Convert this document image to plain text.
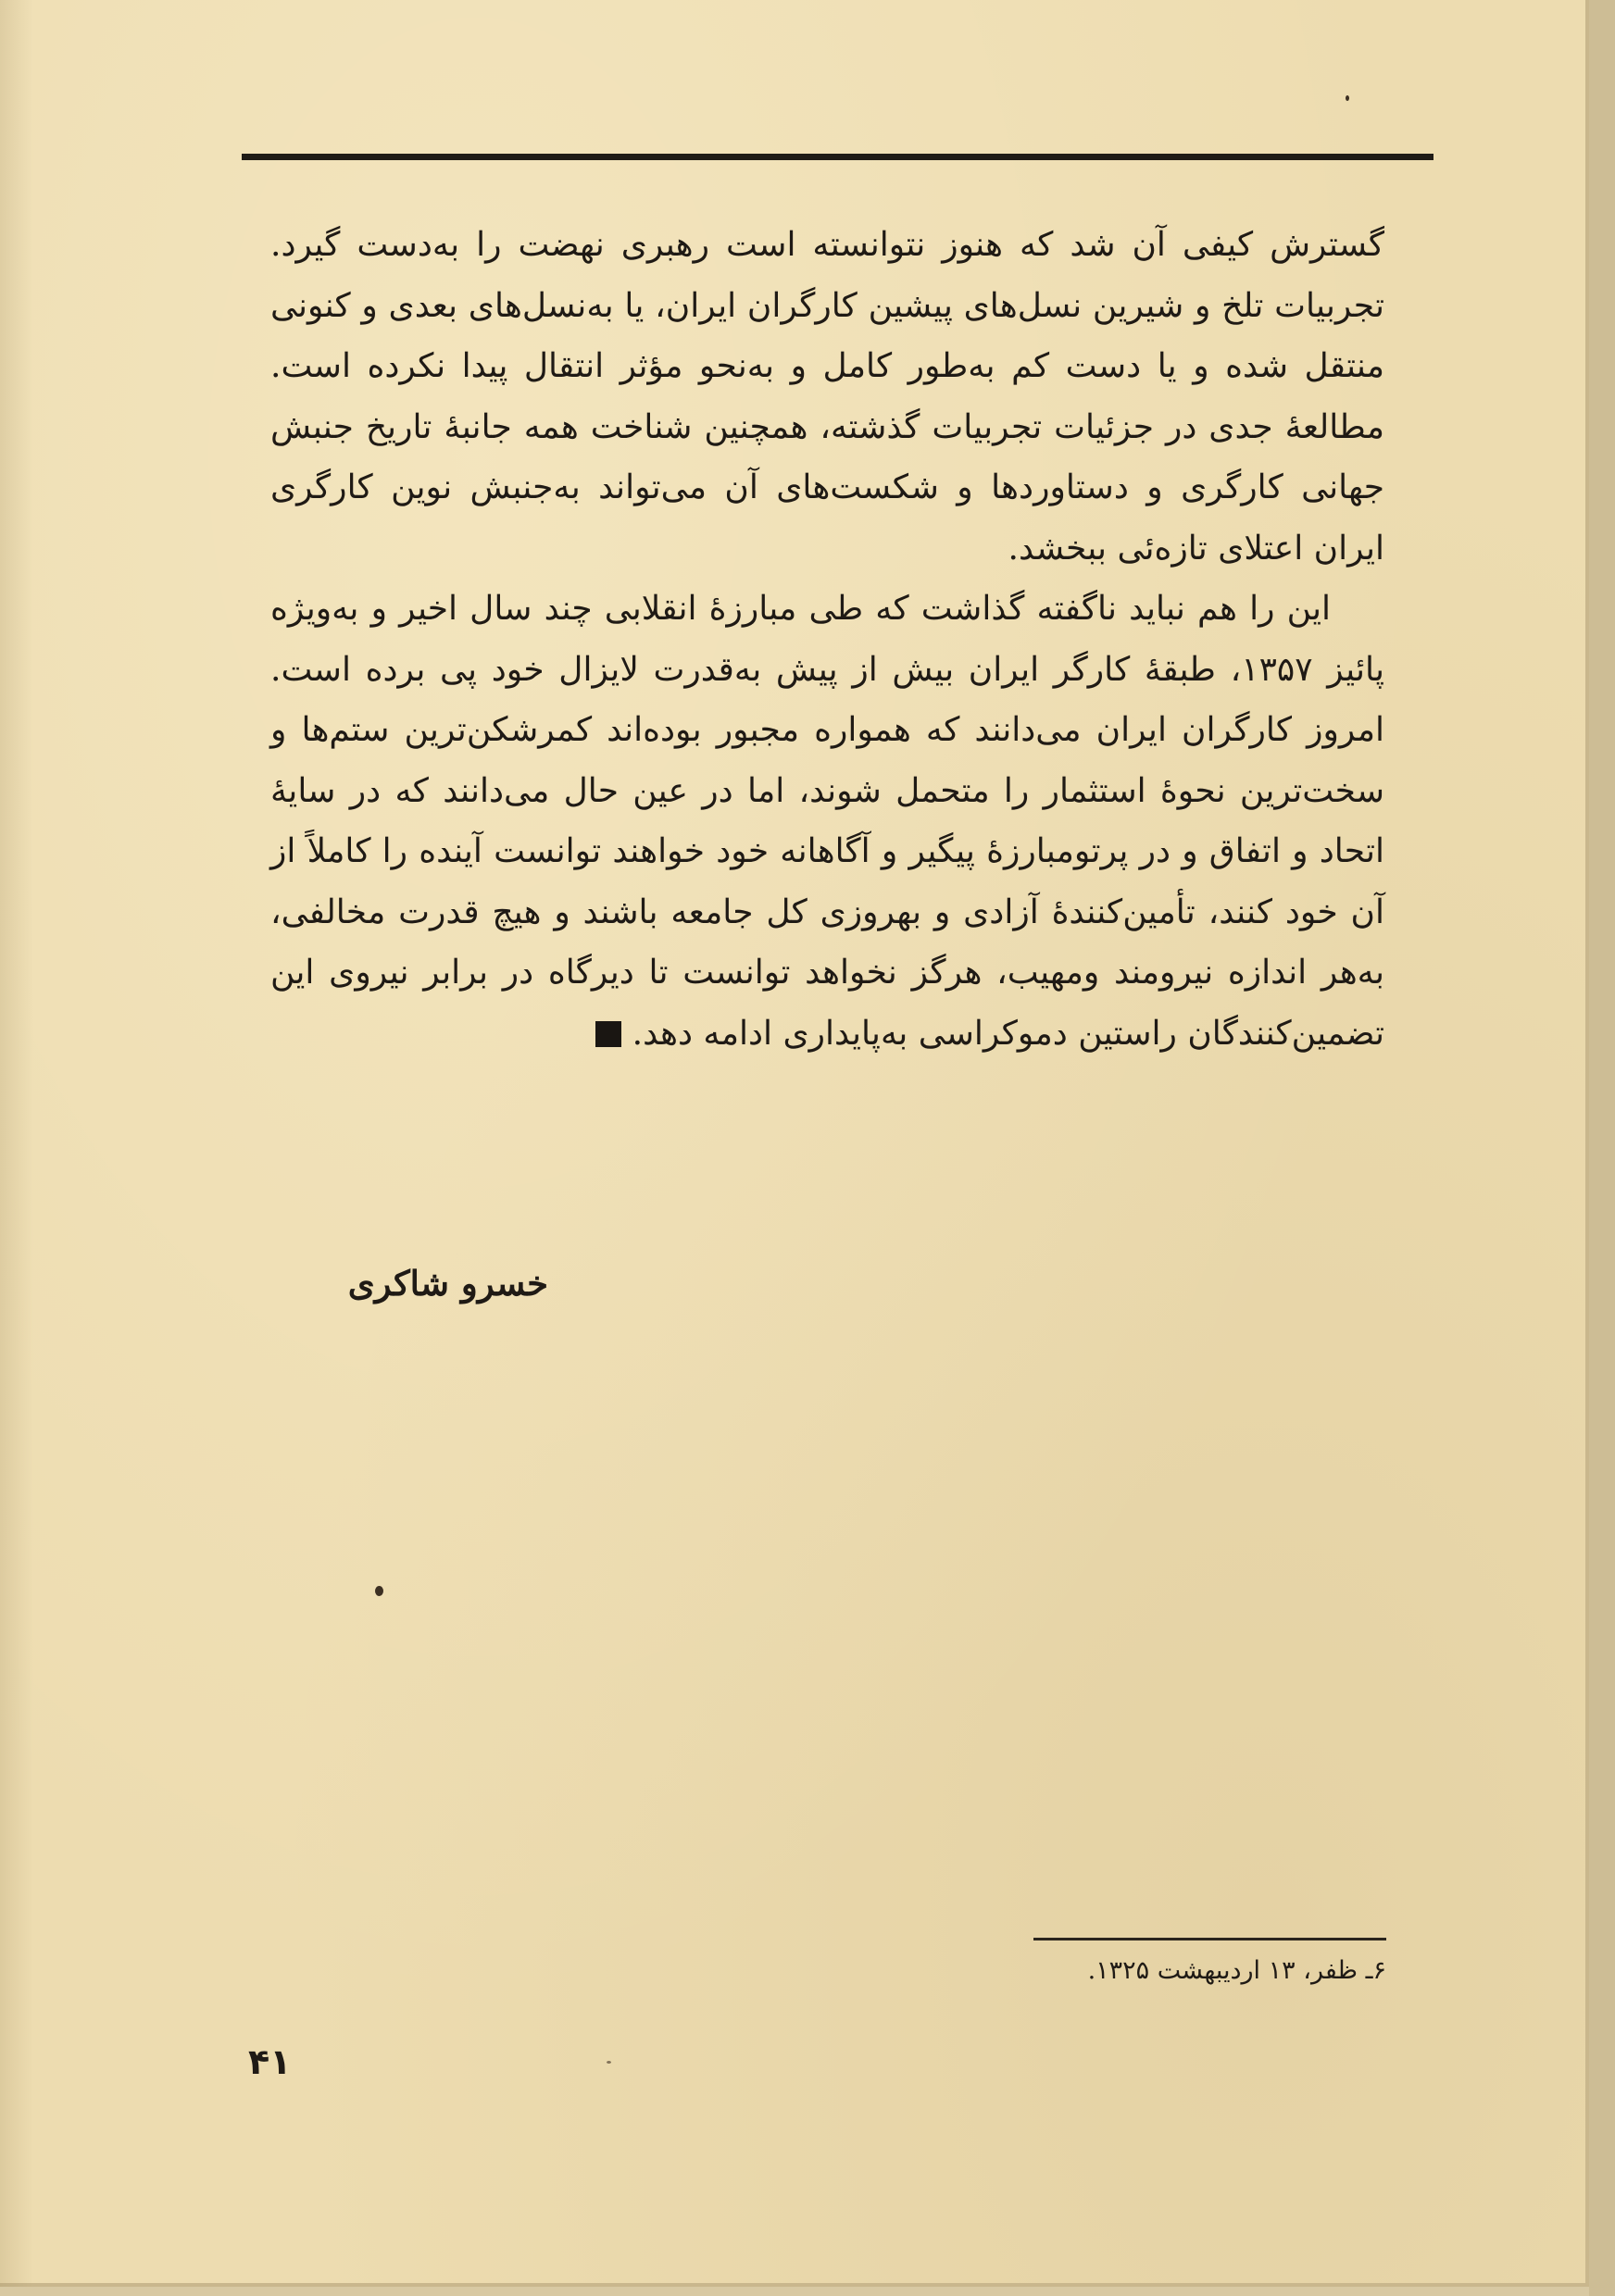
گسترش کیفی آن شد که هنوز نتوانسته است رهبری نهضت را به‌دست گیرد. تجربیات تلخ و شیرین نسل‌های پیشین کارگران ایران، یا به‌نسل‌های بعدی و کنونی منتقل شده و یا دست کم به‌طور کامل و به‌نحو مؤثر انتقال پیدا نکرده است. مطالعهٔ جدی در جزئیات تجربیات گذشته، همچنین شناخت همه جانبهٔ تاریخ جنبش جهانی کارگری و دستاوردها و شکست‌های آن می‌تواند به‌جنبش نوین کارگری ایران اعتلای تازه‌ئی ببخشد.

این را هم نباید ناگفته گذاشت که طی مبارزهٔ انقلابی چند سال اخیر و به‌ویژه پائیز ۱۳۵۷، طبقهٔ کارگر ایران بیش از پیش به‌قدرت لایزال خود پی برده است. امروز کارگران ایران می‌دانند که همواره مجبور بوده‌اند کمرشکن‌ترین ستم‌ها و سخت‌ترین نحوهٔ استثمار را متحمل شوند، اما در عین حال می‌دانند که در سایهٔ اتحاد و اتفاق و در پرتومبارزهٔ پیگیر و آگاهانه خود خواهند توانست آینده را کاملاً از آن خود کنند، تأمین‌کنندهٔ آزادی و بهروزی کل جامعه باشند و هیچ قدرت مخالفی، به‌هر اندازه نیرومند ومهیب، هرگز نخواهد توانست تا دیرگاه در برابر نیروی این تضمین‌کنندگان راستین دموکراسی به‌پایداری ادامه دهد.

خسرو شاکری
۶ـ ظفر، ۱۳ اردیبهشت ۱۳۲۵.
۴۱
